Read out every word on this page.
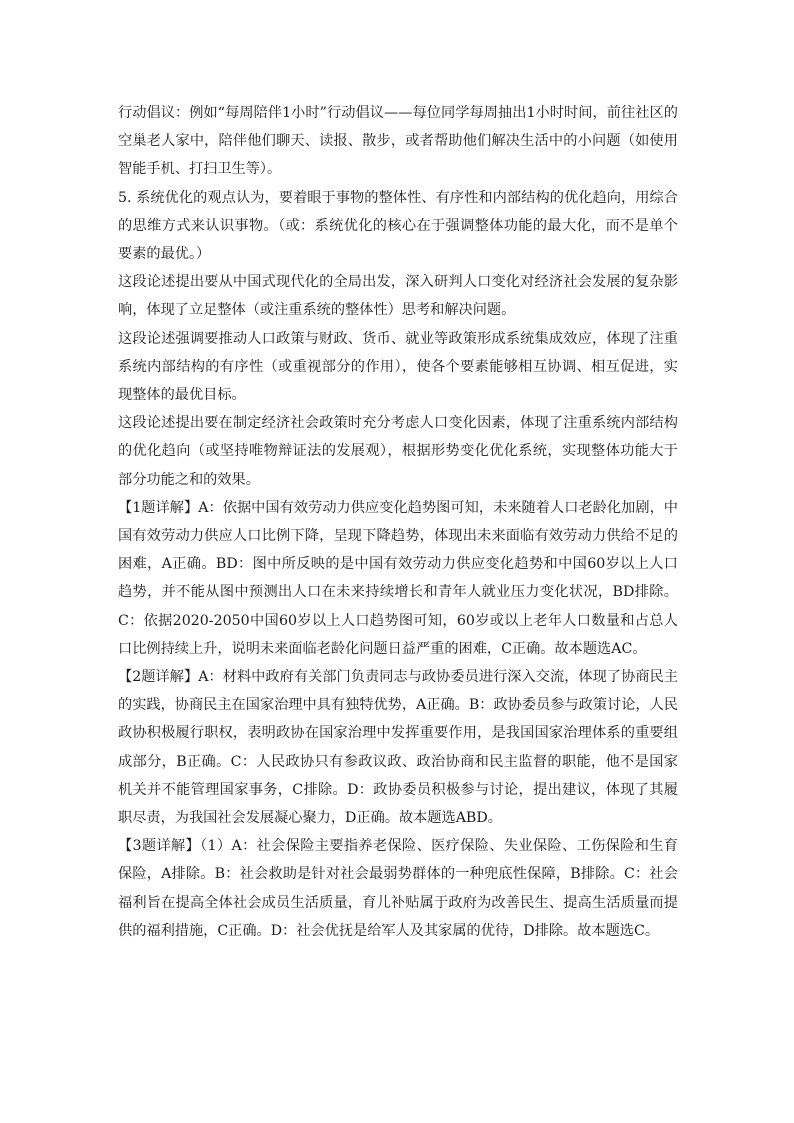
行动倡议：例如“每周陪伴1小时”行动倡议——每位同学每周抽出1小时时间，前往社区的空巢老人家中，陪伴他们聊天、读报、散步，或者帮助他们解决生活中的小问题（如使用智能手机、打扫卫生等）。

5. 系统优化的观点认为，要着眼于事物的整体性、有序性和内部结构的优化趋向，用综合的思维方式来认识事物。（或：系统优化的核心在于强调整体功能的最大化，而不是单个要素的最优。）

这段论述提出要从中国式现代化的全局出发，深入研判人口变化对经济社会发展的复杂影响，体现了立足整体（或注重系统的整体性）思考和解决问题。

这段论述强调要推动人口政策与财政、货币、就业等政策形成系统集成效应，体现了注重系统内部结构的有序性（或重视部分的作用），使各个要素能够相互协调、相互促进，实现整体的最优目标。

这段论述提出要在制定经济社会政策时充分考虑人口变化因素，体现了注重系统内部结构的优化趋向（或坚持唯物辩证法的发展观），根据形势变化优化系统，实现整体功能大于部分功能之和的效果。

【1题详解】A：依据中国有效劳动力供应变化趋势图可知，未来随着人口老龄化加剧，中国有效劳动力供应人口比例下降，呈现下降趋势，体现出未来面临有效劳动力供给不足的困难，A正确。BD：图中所反映的是中国有效劳动力供应变化趋势和中国60岁以上人口趋势，并不能从图中预测出人口在未来持续增长和青年人就业压力变化状况，BD排除。C：依据2020-2050中国60岁以上人口趋势图可知，60岁或以上老年人口数量和占总人口比例持续上升，说明未来面临老龄化问题日益严重的困难，C正确。故本题选AC。

【2题详解】A：材料中政府有关部门负责同志与政协委员进行深入交流，体现了协商民主的实践，协商民主在国家治理中具有独特优势，A正确。B：政协委员参与政策讨论，人民政协积极履行职权，表明政协在国家治理中发挥重要作用，是我国国家治理体系的重要组成部分，B正确。C：人民政协只有参政议政、政治协商和民主监督的职能，他不是国家机关并不能管理国家事务，C排除。D：政协委员积极参与讨论，提出建议，体现了其履职尽责，为我国社会发展凝心聚力，D正确。故本题选ABD。

【3题详解】（1）A：社会保险主要指养老保险、医疗保险、失业保险、工伤保险和生育保险，A排除。B：社会救助是针对社会最弱势群体的一种兜底性保障，B排除。C：社会福利旨在提高全体社会成员生活质量，育儿补贴属于政府为改善民生、提高生活质量而提供的福利措施，C正确。D：社会优抚是给军人及其家属的优待，D排除。故本题选C。
